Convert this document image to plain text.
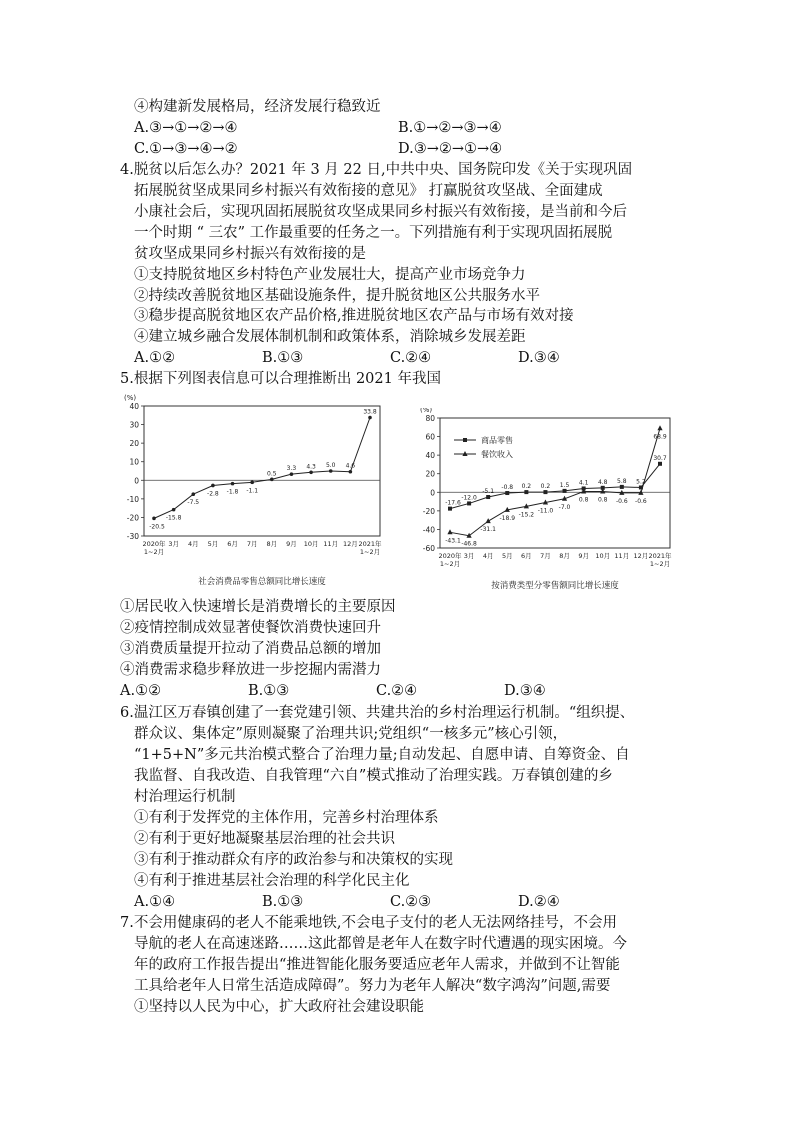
④构建新发展格局，经济发展行稳致近
A.③→①→②→④	B.①→②→③→④
C.①→③→④→②	D.③→②→①→④
4.脱贫以后怎么办？2021 年 3 月 22 日,中共中央、国务院印发《关于实现巩固
拓展脱贫坚成果同乡村振兴有效衔接的意见》 打赢脱贫攻坚战、全面建成
小康社会后，实现巩固拓展脱贫攻坚成果同乡村振兴有效衔接，是当前和今后
一个时期 “ 三农” 工作最重要的任务之一。下列措施有利于实现巩固拓展脱
贫攻坚成果同乡村振兴有效衔接的是
①支持脱贫地区乡村特色产业发展壮大，提高产业市场竞争力
②持续改善脱贫地区基础设施条件，提升脱贫地区公共服务水平
③稳步提高脱贫地区农产品价格,推进脱贫地区农产品与市场有效对接
④建立城乡融合发展体制机制和政策体系，消除城乡发展差距
A.①②	B.①③	C.②④	D.③④
5.根据下列图表信息可以合理推断出 2021 年我国
(%)
40
30
20
10
0
-10
-20
-30
2020年 1~2月
3月 4月 5月 6月 7月 8月 9月 10月 11月 12月 2021年 1~2月
-20.5
-15.8
-7.5
-2.8 -1.8 -1.1
0.5
3.3 4.3 5.0 4.6
33.8
社会消费品零售总额同比增长速度
(%)
80
60
40
20
0
-20
-40
-60
2020年 1~2月
3月 4月 5月 6月 7月 8月 9月 10月 11月 12月 2021年 1~2月
-17.6
-12.0
-5.1
-0.8 0.2 0.2 1.5 4.1 4.8 5.8 5.2
30.7
-43.1 -46.8
-31.1
-18.9 -15.2
-11.0
-7.0
0.8 0.8 -0.6 -0.6
68.9
商品零售
餐饮收入
按消费类型分零售额同比增长速度
①居民收入快速增长是消费增长的主要原因
②疫情控制成效显著使餐饮消费快速回升
③消费质量提开拉动了消费品总额的增加
④消费需求稳步释放进一步挖掘内需潜力
A.①②	B.①③	C.②④	D.③④
6.温江区万春镇创建了一套党建引领、共建共治的乡村治理运行机制。“组织提、
群众议、集体定”原则凝聚了治理共识;党组织“一核多元”核心引领，
“1+5+N”多元共治模式整合了治理力量;自动发起、自愿申请、自筹资金、自
我监督、自我改造、自我管理“六自”模式推动了治理实践。万春镇创建的乡
村治理运行机制
①有利于发挥党的主体作用，完善乡村治理体系
②有利于更好地凝聚基层治理的社会共识
③有利于推动群众有序的政治参与和决策权的实现
④有利于推进基层社会治理的科学化民主化
A.①④	B.①③	C.②③	D.②④
7.不会用健康码的老人不能乘地铁,不会电子支付的老人无法网络挂号，不会用
导航的老人在高速迷路……这此都曾是老年人在数字时代遭遇的现实困境。今
年的政府工作报告提出“推进智能化服务要适应老年人需求，并做到不让智能
工具给老年人日常生活造成障碍”。努力为老年人解决“数字鸿沟”问题,需要
①坚持以人民为中心，扩大政府社会建设职能
